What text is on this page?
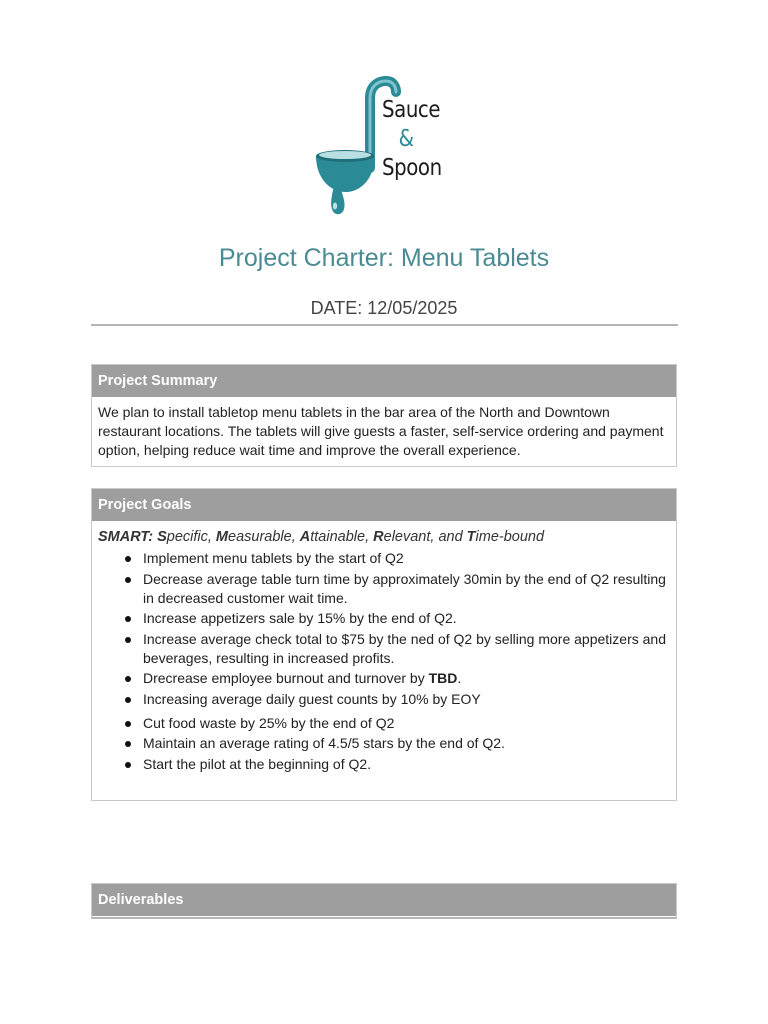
Sauce
&
Spoon
Project Charter: Menu Tablets
DATE: 12/05/2025
Project Summary
We plan to install tabletop menu tablets in the bar area of the North and Downtown restaurant locations. The tablets will give guests a faster, self-service ordering and payment option, helping reduce wait time and improve the overall experience.
Project Goals
SMART: Specific, Measurable, Attainable, Relevant, and Time-bound
Implement menu tablets by the start of Q2
Decrease average table turn time by approximately 30min by the end of Q2 resulting in decreased customer wait time.
Increase appetizers sale by 15% by the end of Q2.
Increase average check total to $75 by the ned of Q2 by selling more appetizers and beverages, resulting in increased profits.
Drecrease employee burnout and turnover by TBD.
Increasing average daily guest counts by 10% by EOY
Cut food waste by 25% by the end of Q2
Maintain an average rating of 4.5/5 stars by the end of Q2.
Start the pilot at the beginning of Q2.
Deliverables
